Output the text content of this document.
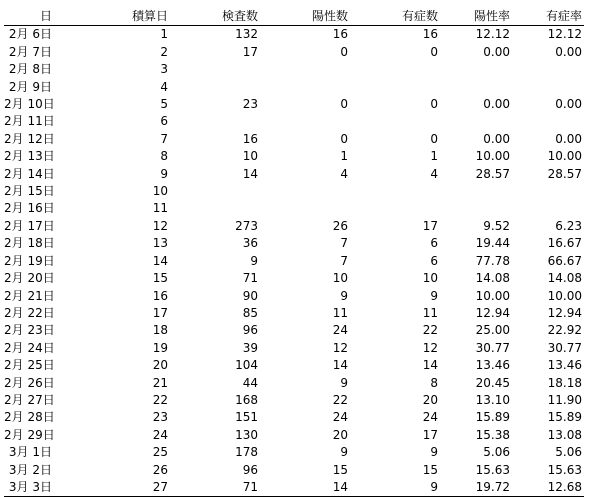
日	積算日	検査数	陽性数	有症数	陽性率	有症率
2月 6日	1	132	16	16	12.12	12.12
2月 7日	2	17	0	0	0.00	0.00
2月 8日	3					
2月 9日	4					
2月 10日	5	23	0	0	0.00	0.00
2月 11日	6					
2月 12日	7	16	0	0	0.00	0.00
2月 13日	8	10	1	1	10.00	10.00
2月 14日	9	14	4	4	28.57	28.57
2月 15日	10					
2月 16日	11					
2月 17日	12	273	26	17	9.52	6.23
2月 18日	13	36	7	6	19.44	16.67
2月 19日	14	9	7	6	77.78	66.67
2月 20日	15	71	10	10	14.08	14.08
2月 21日	16	90	9	9	10.00	10.00
2月 22日	17	85	11	11	12.94	12.94
2月 23日	18	96	24	22	25.00	22.92
2月 24日	19	39	12	12	30.77	30.77
2月 25日	20	104	14	14	13.46	13.46
2月 26日	21	44	9	8	20.45	18.18
2月 27日	22	168	22	20	13.10	11.90
2月 28日	23	151	24	24	15.89	15.89
2月 29日	24	130	20	17	15.38	13.08
3月 1日	25	178	9	9	5.06	5.06
3月 2日	26	96	15	15	15.63	15.63
3月 3日	27	71	14	9	19.72	12.68
